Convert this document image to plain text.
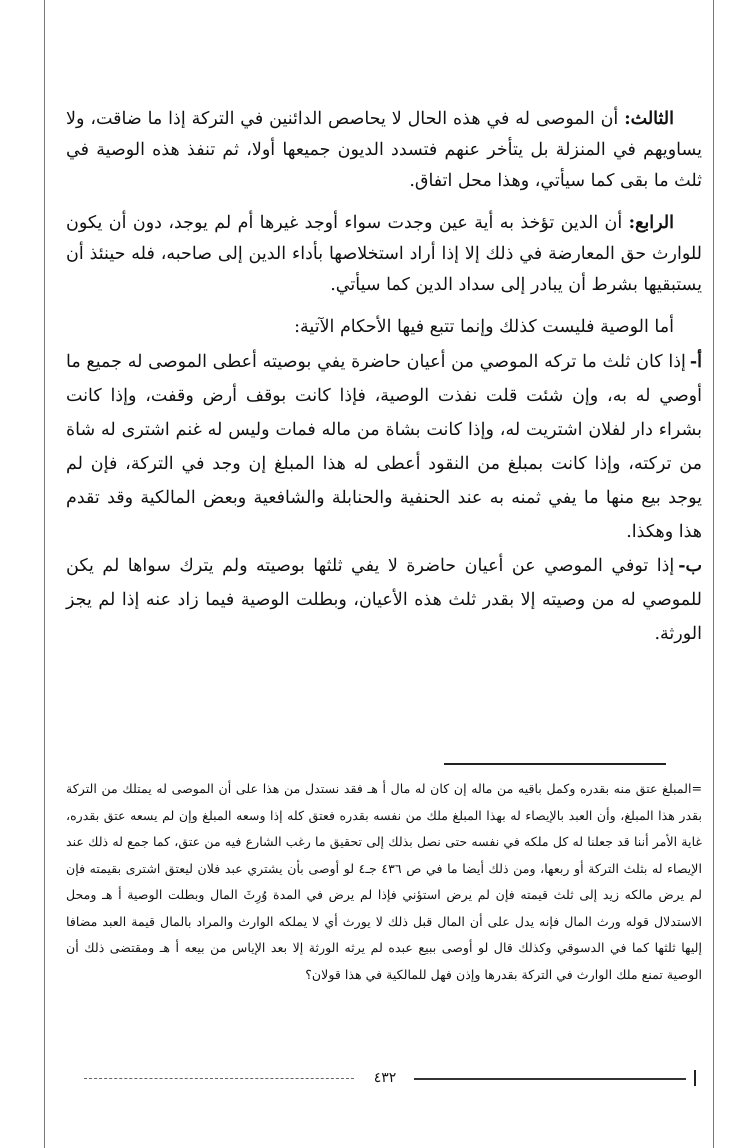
الثالث: أن الموصى له في هذه الحال لا يحاصص الدائنين في التركة إذا ما ضاقت، ولا يساويهم في المنزلة بل يتأخر عنهم فتسدد الديون جميعها أولا، ثم تنفذ هذه الوصية في ثلث ما بقى كما سيأتي، وهذا محل اتفاق.

الرابع: أن الدين تؤخذ به أية عين وجدت سواء أوجد غيرها أم لم يوجد، دون أن يكون للوارث حق المعارضة في ذلك إلا إذا أراد استخلاصها بأداء الدين إلى صاحبه، فله حينئذ أن يستبقيها بشرط أن يبادر إلى سداد الدين كما سيأتي.

أما الوصية فليست كذلك وإنما تتبع فيها الأحكام الآتية:

أ-إذا كان ثلث ما تركه الموصي من أعيان حاضرة يفي بوصيته أعطى الموصى له جميع ما أوصي له به، وإن شئت قلت نفذت الوصية، فإذا كانت بوقف أرض وقفت، وإذا كانت بشراء دار لفلان اشتريت له، وإذا كانت بشاة من ماله فمات وليس له غنم اشترى له شاة من تركته، وإذا كانت بمبلغ من النقود أعطى له هذا المبلغ إن وجد في التركة، فإن لم يوجد بيع منها ما يفي ثمنه به عند الحنفية والحنابلة والشافعية وبعض المالكية وقد تقدم هذا وهكذا.
ب-إذا توفي الموصي عن أعيان حاضرة لا يفي ثلثها بوصيته ولم يترك سواها لم يكن للموصي له من وصيته إلا بقدر ثلث هذه الأعيان، وبطلت الوصية فيما زاد عنه إذا لم يجز الورثة.

=المبلغ عتق منه بقدره وكمل باقيه من ماله إن كان له مال أ هـ فقد نستدل من هذا على أن الموصى له يمتلك من التركة بقدر هذا المبلغ، وأن العبد بالإيصاء له بهذا المبلغ ملك من نفسه بقدره فعتق كله إذا وسعه المبلغ وإن لم يسعه عتق بقدره، غاية الأمر أننا قد جعلنا له كل ملكه في نفسه حتى نصل بذلك إلى تحقيق ما رغب الشارع فيه من عتق، كما جمع له ذلك عند الإيصاء له بثلث التركة أو ربعها، ومن ذلك أيضا ما في ص ٤٣٦ جـ٤ لو أوصى بأن يشتري عبد فلان ليعتق اشترى بقيمته فإن لم يرض مالكه زيد إلى ثلث قيمته فإن لم يرض استؤني فإذا لم يرض في المدة وُرِثَ المال وبطلت الوصية أ هـ ومحل الاستدلال قوله ورث المال فإنه يدل على أن المال قبل ذلك لا يورث أي لا يملكه الوارث والمراد بالمال قيمة العبد مضافا إليها ثلثها كما في الدسوقي وكذلك قال لو أوصى ببيع عبده لم يرثه الورثة إلا بعد الإياس من بيعه أ هـ ومقتضى ذلك أن الوصية تمنع ملك الوارث في التركة بقدرها وإذن فهل للمالكية في هذا قولان؟

٤٣٢
